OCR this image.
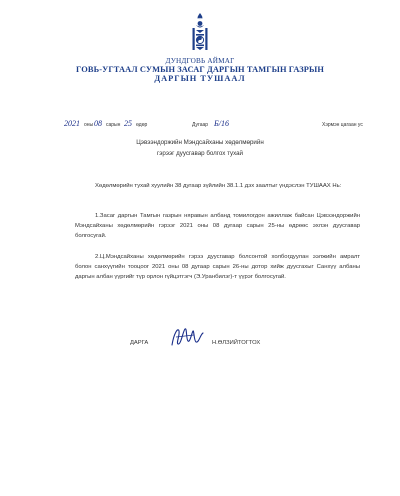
ДУНДГОВЬ АЙМАГ
ГОВЬ-УГТААЛ СУМЫН ЗАСАГ ДАРГЫН ТАМГЫН ГАЗРЫН
ДАРГЫН ТУШААЛ
2021 оны 08 сарын 25 өдөр	Дугаар Б/16	Хэрмэн цагаан ус
Цэвээндоржийн Мэндсайханы хөдөлмөрийн
гэрээг дуусгавар болгох тухай
Хөдөлмөрийн тухай хуулийн 38 дугаар зүйлийн 38.1.1 дэх заалтыг үндэслэн ТУШААХ Нь:
1.Засаг даргын Тамгын газрын няравын албанд томилогдон ажиллаж байсан Цэвээндоржийн Мэндсайханы хөдөлмөрийн гэрээг 2021 оны 08 дугаар сарын 25-ны өдрөөс эхлэн дуусгавар болгосугай.
2.Ц.Мэндсайханы хөдөлмөрийн гэрээ дуусгавар болсонтой холбогдуулан ээлжийн амралт болон санхүүгийн тооцоог 2021 оны 08 дугаар сарын 26-ны дотор хийж дуусгахыг Санхүү албаны даргын албан үүргийг түр орлон гүйцэтгэгч (Э.Уранбилэг)-т үүрэг болгосугай.
ДАРГА	Н.ӨЛЗИЙТОГТОХ
